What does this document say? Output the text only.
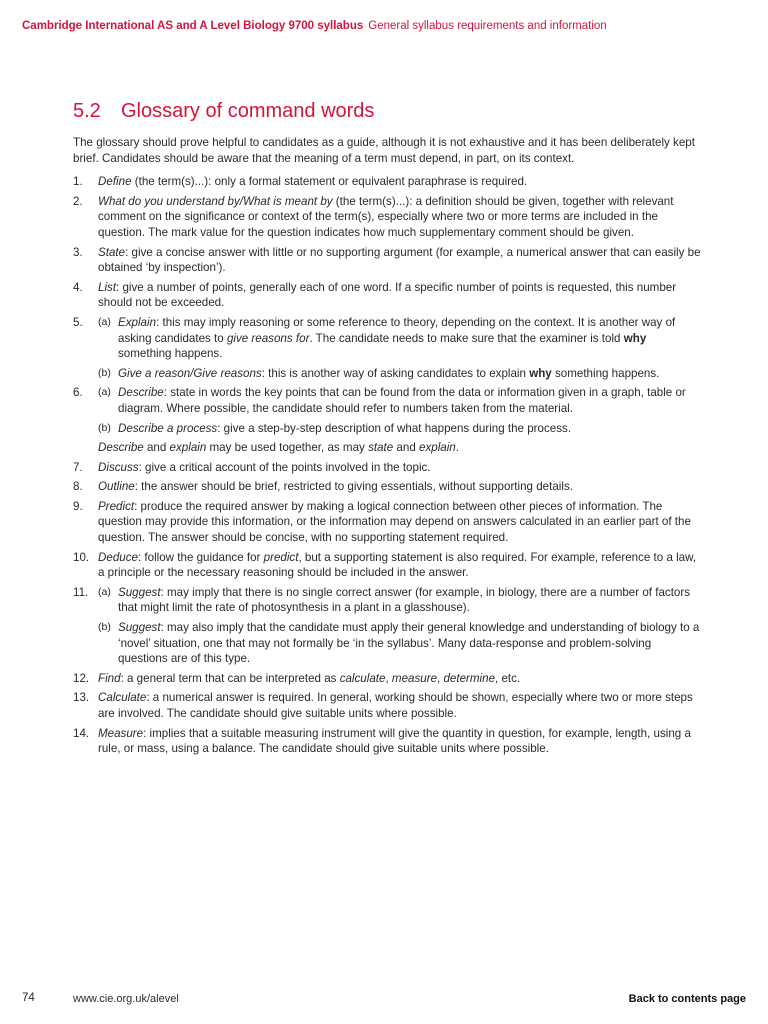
Cambridge International AS and A Level Biology 9700 syllabus General syllabus requirements and information
5.2 Glossary of command words

The glossary should prove helpful to candidates as a guide, although it is not exhaustive and it has been deliberately kept brief. Candidates should be aware that the meaning of a term must depend, in part, on its context.

1. Define (the term(s)...): only a formal statement or equivalent paraphrase is required.
2. What do you understand by/What is meant by (the term(s)...): a definition should be given, together with relevant comment on the significance or context of the term(s), especially where two or more terms are included in the question. The mark value for the question indicates how much supplementary comment should be given.
3. State: give a concise answer with little or no supporting argument (for example, a numerical answer that can easily be obtained ‘by inspection’).
4. List: give a number of points, generally each of one word. If a specific number of points is requested, this number should not be exceeded.
5. (a) Explain: this may imply reasoning or some reference to theory, depending on the context. It is another way of asking candidates to give reasons for. The candidate needs to make sure that the examiner is told why something happens.
(b) Give a reason/Give reasons: this is another way of asking candidates to explain why something happens.
6. (a) Describe: state in words the key points that can be found from the data or information given in a graph, table or diagram. Where possible, the candidate should refer to numbers taken from the material.
(b) Describe a process: give a step-by-step description of what happens during the process.
Describe and explain may be used together, as may state and explain.
7. Discuss: give a critical account of the points involved in the topic.
8. Outline: the answer should be brief, restricted to giving essentials, without supporting details.
9. Predict: produce the required answer by making a logical connection between other pieces of information. The question may provide this information, or the information may depend on answers calculated in an earlier part of the question. The answer should be concise, with no supporting statement required.
10. Deduce: follow the guidance for predict, but a supporting statement is also required. For example, reference to a law, a principle or the necessary reasoning should be included in the answer.
11. (a) Suggest: may imply that there is no single correct answer (for example, in biology, there are a number of factors that might limit the rate of photosynthesis in a plant in a glasshouse).
(b) Suggest: may also imply that the candidate must apply their general knowledge and understanding of biology to a ‘novel’ situation, one that may not formally be ‘in the syllabus’. Many data-response and problem-solving questions are of this type.
12. Find: a general term that can be interpreted as calculate, measure, determine, etc.
13. Calculate: a numerical answer is required. In general, working should be shown, especially where two or more steps are involved. The candidate should give suitable units where possible.
14. Measure: implies that a suitable measuring instrument will give the quantity in question, for example, length, using a rule, or mass, using a balance. The candidate should give suitable units where possible.
74	www.cie.org.uk/alevel	Back to contents page
